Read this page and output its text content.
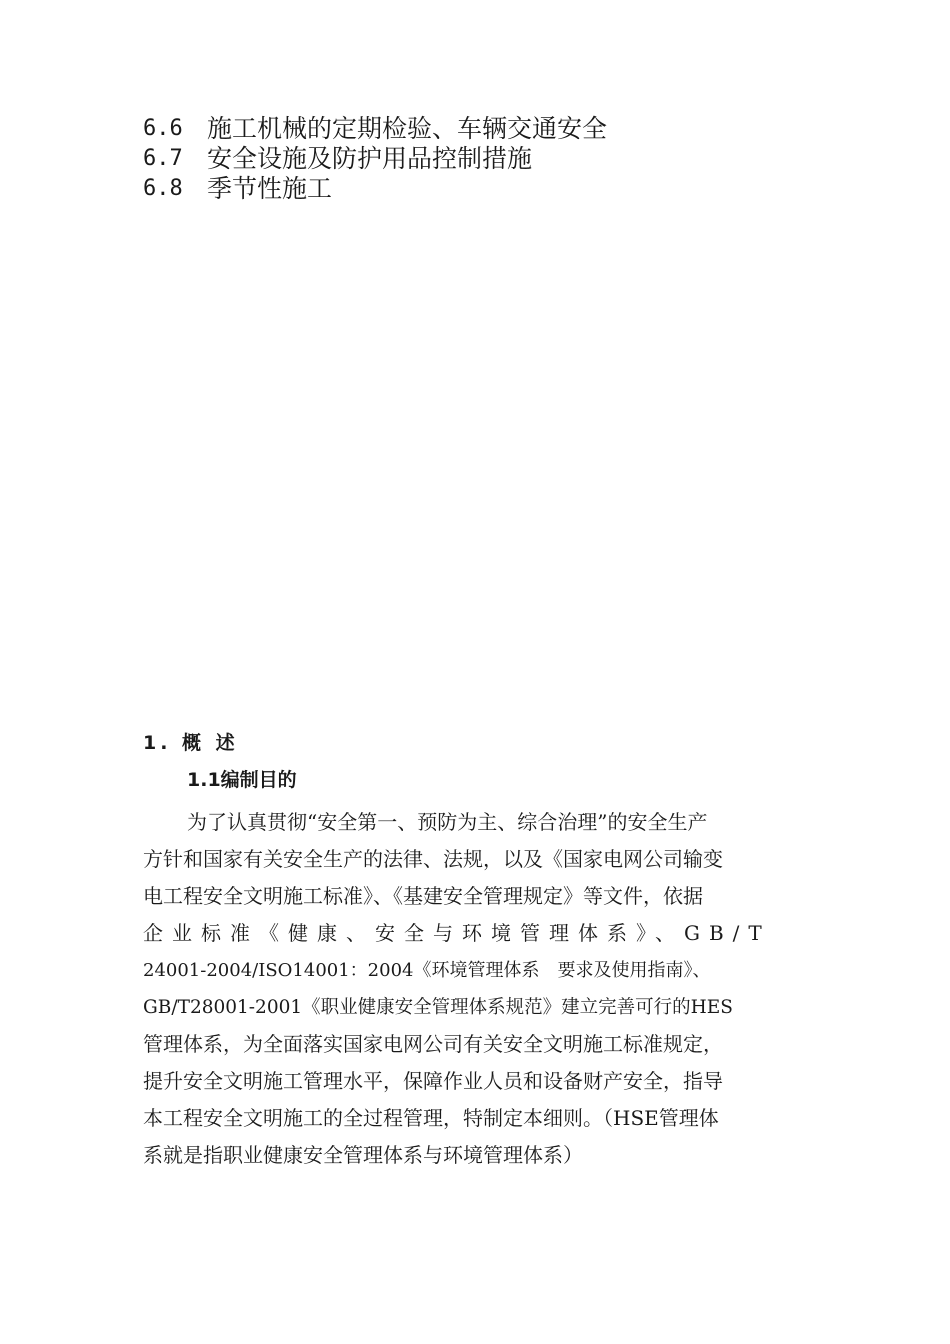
6.6 施工机械的定期检验、车辆交通安全
6.7 安全设施及防护用品控制措施
6.8 季节性施工
1. 概 述
1.1编制目的
为了认真贯彻“安全第一、预防为主、综合治理”的安全生产
方针和国家有关安全生产的法律、法规，以及《国家电网公司输变
电工程安全文明施工标准》、《基建安全管理规定》等文件，依据
企业标准《健康、安全与环境管理体系》、GB/T
24001-2004/ISO14001：2004《环境管理体系　要求及使用指南》、
GB/T28001-2001《职业健康安全管理体系规范》建立完善可行的HES
管理体系，为全面落实国家电网公司有关安全文明施工标准规定，
提升安全文明施工管理水平，保障作业人员和设备财产安全，指导
本工程安全文明施工的全过程管理，特制定本细则。（HSE管理体
系就是指职业健康安全管理体系与环境管理体系）
